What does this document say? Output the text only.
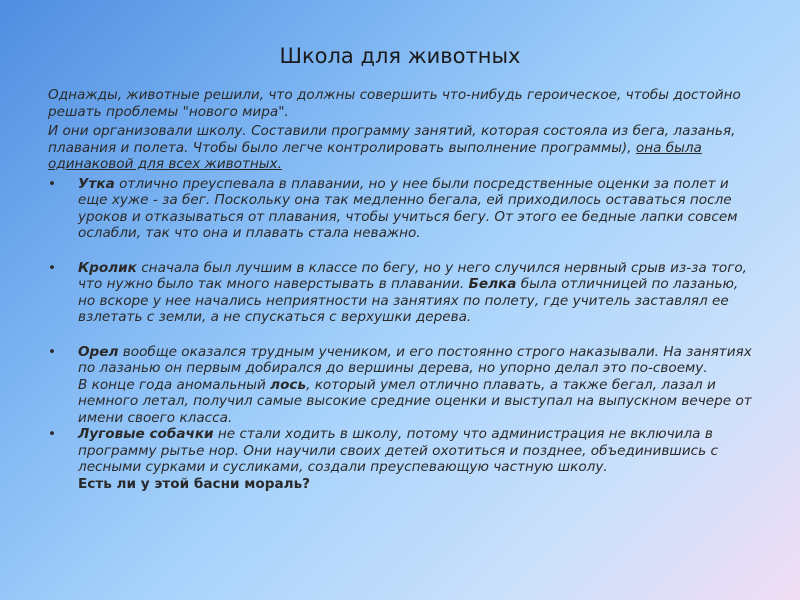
Школа для животных

Однажды, животные решили, что должны совершить что-нибудь героическое, чтобы достойно решать проблемы "нового мира".

И они организовали школу. Составили программу занятий, которая состояла из бега, лазанья, плавания и полета. Чтобы было легче контролировать выполнение программы), она была одинаковой для всех животных.

• Утка отлично преуспевала в плавании, но у нее были посредственные оценки за полет и еще хуже - за бег. Поскольку она так медленно бегала, ей приходилось оставаться после уроков и отказываться от плавания, чтобы учиться бегу. От этого ее бедные лапки совсем ослабли, так что она и плавать стала неважно.
• Кролик сначала был лучшим в классе по бегу, но у него случился нервный срыв из-за того, что нужно было так много наверстывать в плавании. Белка была отличницей по лазанью, но вскоре у нее начались неприятности на занятиях по полету, где учитель заставлял ее взлетать с земли, а не спускаться с верхушки дерева.
• Орел вообще оказался трудным учеником, и его постоянно строго наказывали. На занятиях по лазанью он первым добирался до вершины дерева, но упорно делал это по-своему.
В конце года аномальный лось, который умел отлично плавать, а также бегал, лазал и немного летал, получил самые высокие средние оценки и выступал на выпускном вечере от имени своего класса.
• Луговые собачки не стали ходить в школу, потому что администрация не включила в программу рытье нор. Они научили своих детей охотиться и позднее, объединившись с лесными сурками и сусликами, создали преуспевающую частную школу.
Есть ли у этой басни мораль?
